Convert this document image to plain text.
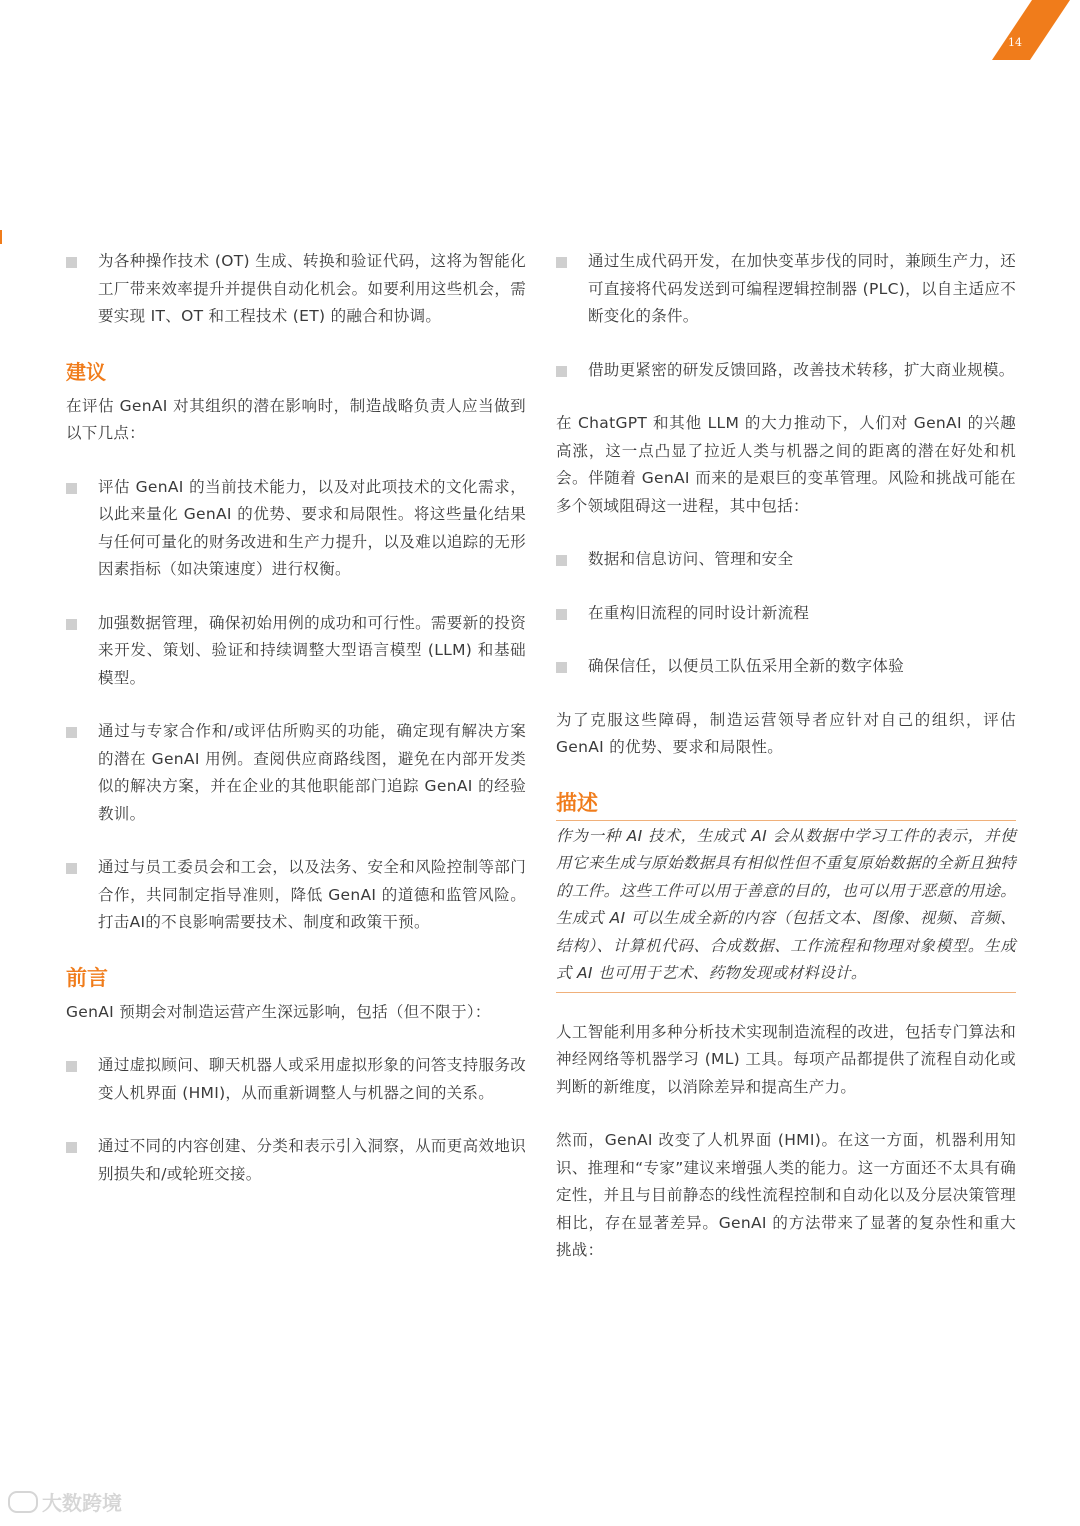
14
为各种操作技术 (OT) 生成、转换和验证代码，这将为智能化工厂带来效率提升并提供自动化机会。如要利用这些机会，需要实现 IT、OT 和工程技术 (ET) 的融合和协调。
建议

在评估 GenAI 对其组织的潜在影响时，制造战略负责人应当做到以下几点：

评估 GenAI 的当前技术能力，以及对此项技术的文化需求，以此来量化 GenAI 的优势、要求和局限性。将这些量化结果与任何可量化的财务改进和生产力提升，以及难以追踪的无形因素指标（如决策速度）进行权衡。
加强数据管理，确保初始用例的成功和可行性。需要新的投资来开发、策划、验证和持续调整大型语言模型 (LLM) 和基础模型。
通过与专家合作和/或评估所购买的功能，确定现有解决方案的潜在 GenAI 用例。查阅供应商路线图，避免在内部开发类似的解决方案，并在企业的其他职能部门追踪 GenAI 的经验教训。
通过与员工委员会和工会，以及法务、安全和风险控制等部门合作，共同制定指导准则，降低 GenAI 的道德和监管风险。打击AI的不良影响需要技术、制度和政策干预。
前言

GenAI 预期会对制造运营产生深远影响，包括（但不限于）：

通过虚拟顾问、聊天机器人或采用虚拟形象的问答支持服务改变人机界面 (HMI)，从而重新调整人与机器之间的关系。
通过不同的内容创建、分类和表示引入洞察，从而更高效地识别损失和/或轮班交接。
通过生成代码开发，在加快变革步伐的同时，兼顾生产力，还可直接将代码发送到可编程逻辑控制器 (PLC)，以自主适应不断变化的条件。
借助更紧密的研发反馈回路，改善技术转移，扩大商业规模。

在 ChatGPT 和其他 LLM 的大力推动下，人们对 GenAI 的兴趣高涨，这一点凸显了拉近人类与机器之间的距离的潜在好处和机会。伴随着 GenAI 而来的是艰巨的变革管理。风险和挑战可能在多个领域阻碍这一进程，其中包括：

数据和信息访问、管理和安全
在重构旧流程的同时设计新流程
确保信任，以便员工队伍采用全新的数字体验

为了克服这些障碍，制造运营领导者应针对自己的组织，评估 GenAI 的优势、要求和局限性。

描述

作为一种 AI 技术，生成式 AI 会从数据中学习工件的表示，并使用它来生成与原始数据具有相似性但不重复原始数据的全新且独特的工件。这些工件可以用于善意的目的，也可以用于恶意的用途。生成式 AI 可以生成全新的内容（包括文本、图像、视频、音频、结构）、计算机代码、合成数据、工作流程和物理对象模型。生成式 AI 也可用于艺术、药物发现或材料设计。

人工智能利用多种分析技术实现制造流程的改进，包括专门算法和神经网络等机器学习 (ML) 工具。每项产品都提供了流程自动化或判断的新维度，以消除差异和提高生产力。

然而，GenAI 改变了人机界面 (HMI)。在这一方面，机器利用知识、推理和“专家”建议来增强人类的能力。这一方面还不太具有确定性，并且与目前静态的线性流程控制和自动化以及分层决策管理相比，存在显著差异。GenAI 的方法带来了显著的复杂性和重大挑战：

大数跨境
